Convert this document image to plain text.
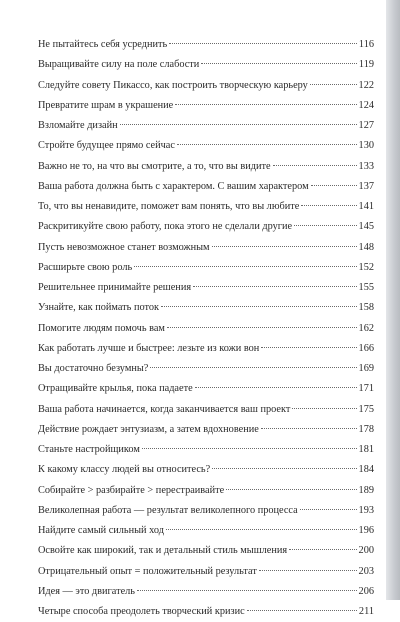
Не пытайтесь себя усреднить	116
Выращивайте силу на поле слабости	119
Следуйте совету Пикассо, как построить творческую карьеру	122
Превратите шрам в украшение	124
Взломайте дизайн	127
Стройте будущее прямо сейчас	130
Важно не то, на что вы смотрите, а то, что вы видите	133
Ваша работа должна быть с характером. С вашим характером	137
То, что вы ненавидите, поможет вам понять, что вы любите	141
Раскритикуйте свою работу, пока этого не сделали другие	145
Пусть невозможное станет возможным	148
Расширьте свою роль	152
Решительнее принимайте решения	155
Узнайте, как поймать поток	158
Помогите людям помочь вам	162
Как работать лучше и быстрее: лезьте из кожи вон	166
Вы достаточно безумны?	169
Отращивайте крылья, пока падаете	171
Ваша работа начинается, когда заканчивается ваш проект	175
Действие рождает энтузиазм, а затем вдохновение	178
Станьте настройщиком	181
К какому классу людей вы относитесь?	184
Собирайте > разбирайте > перестраивайте	189
Великолепная работа — результат великолепного процесса	193
Найдите самый сильный ход	196
Освойте как широкий, так и детальный стиль мышления	200
Отрицательный опыт = положительный результат	203
Идея — это двигатель	206
Четыре способа преодолеть творческий кризис	211
